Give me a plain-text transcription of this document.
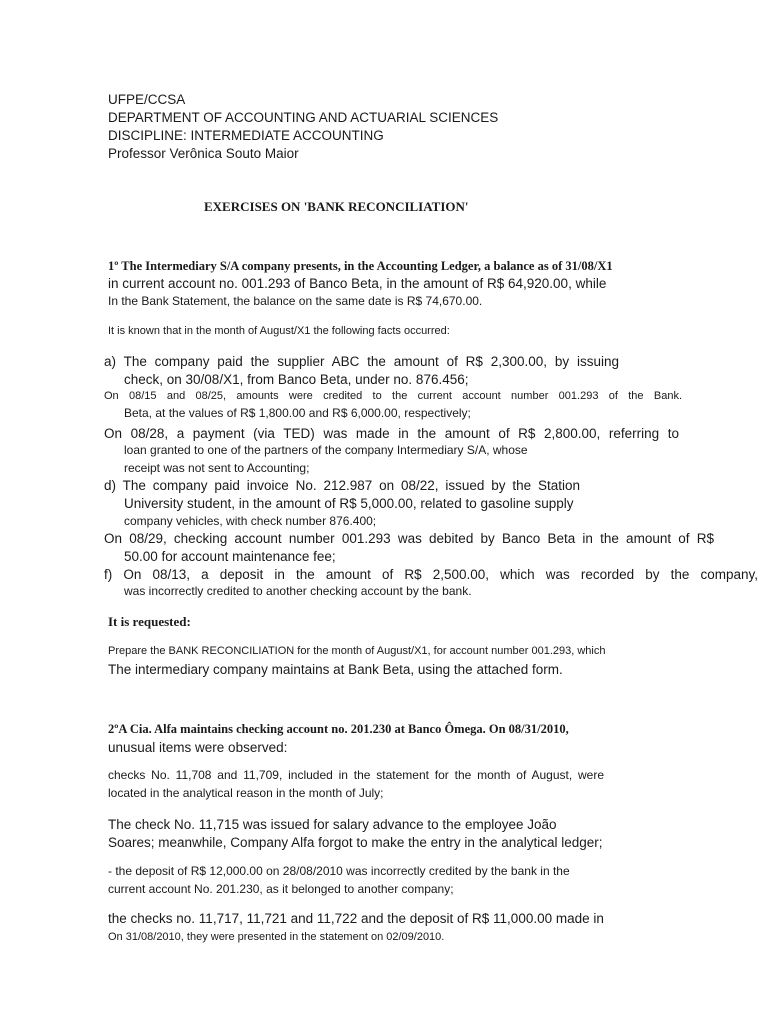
UFPE/CCSA
DEPARTMENT OF ACCOUNTING AND ACTUARIAL SCIENCES
DISCIPLINE: INTERMEDIATE ACCOUNTING
Professor Verônica Souto Maior
EXERCISES ON 'BANK RECONCILIATION'
1º The Intermediary S/A company presents, in the Accounting Ledger, a balance as of 31/08/X1
in current account no. 001.293 of Banco Beta, in the amount of R$ 64,920.00, while
In the Bank Statement, the balance on the same date is R$ 74,670.00.
It is known that in the month of August/X1 the following facts occurred:
a) The company paid the supplier ABC the amount of R$ 2,300.00, by issuing
check, on 30/08/X1, from Banco Beta, under no. 876.456;
On 08/15 and 08/25, amounts were credited to the current account number 001.293 of the Bank.
Beta, at the values of R$ 1,800.00 and R$ 6,000.00, respectively;
On 08/28, a payment (via TED) was made in the amount of R$ 2,800.00, referring to
loan granted to one of the partners of the company Intermediary S/A, whose
receipt was not sent to Accounting;
d) The company paid invoice No. 212.987 on 08/22, issued by the Station
University student, in the amount of R$ 5,000.00, related to gasoline supply
company vehicles, with check number 876.400;
On 08/29, checking account number 001.293 was debited by Banco Beta in the amount of R$
50.00 for account maintenance fee;
f) On 08/13, a deposit in the amount of R$ 2,500.00, which was recorded by the company,
was incorrectly credited to another checking account by the bank.
It is requested:
Prepare the BANK RECONCILIATION for the month of August/X1, for account number 001.293, which
The intermediary company maintains at Bank Beta, using the attached form.
2ºA Cia. Alfa maintains checking account no. 201.230 at Banco Ômega. On 08/31/2010,
unusual items were observed:
checks No. 11,708 and 11,709, included in the statement for the month of August, were
located in the analytical reason in the month of July;
The check No. 11,715 was issued for salary advance to the employee João
Soares; meanwhile, Company Alfa forgot to make the entry in the analytical ledger;
- the deposit of R$ 12,000.00 on 28/08/2010 was incorrectly credited by the bank in the
current account No. 201.230, as it belonged to another company;
the checks no. 11,717, 11,721 and 11,722 and the deposit of R$ 11,000.00 made in
On 31/08/2010, they were presented in the statement on 02/09/2010.
